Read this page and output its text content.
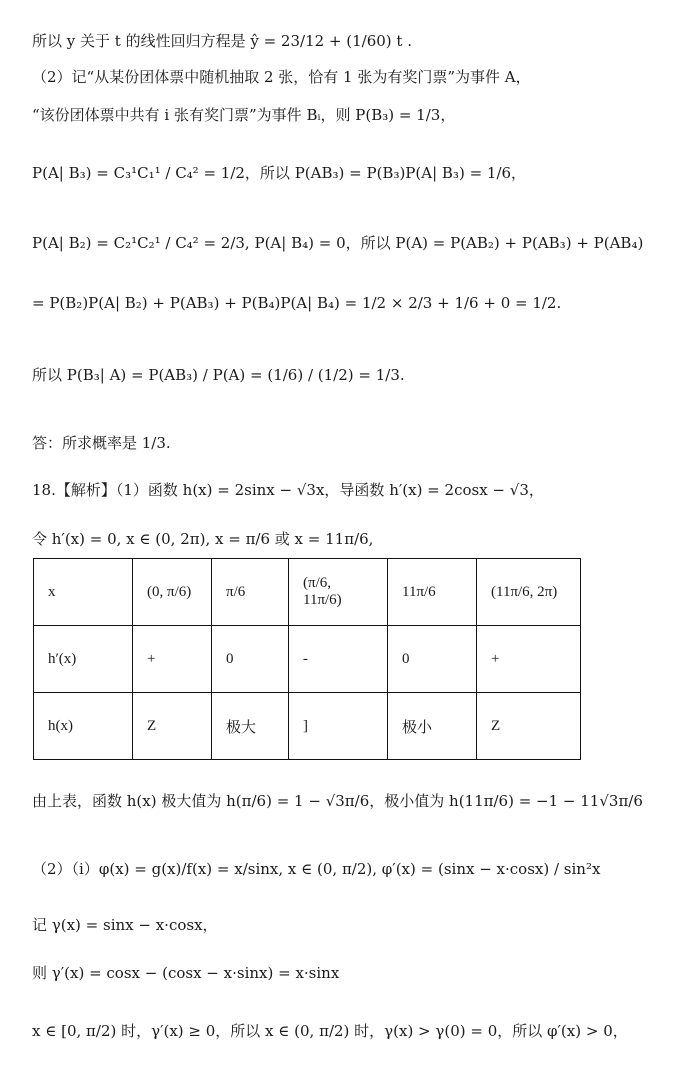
所以 y 关于 t 的线性回归方程是 ŷ = 23/12 + (1/60) t .
（2）记“从某份团体票中随机抽取 2 张，恰有 1 张为有奖门票”为事件 A，
“该份团体票中共有 i 张有奖门票”为事件 Bᵢ，则 P(B₃) = 1/3，
P(A| B₃) = C₃¹C₁¹ / C₄² = 1/2，所以 P(AB₃) = P(B₃)P(A| B₃) = 1/6，
P(A| B₂) = C₂¹C₂¹ / C₄² = 2/3, P(A| B₄) = 0，所以 P(A) = P(AB₂) + P(AB₃) + P(AB₄)
= P(B₂)P(A| B₂) + P(AB₃) + P(B₄)P(A| B₄) = 1/2 × 2/3 + 1/6 + 0 = 1/2.
所以 P(B₃| A) = P(AB₃) / P(A) = (1/6) / (1/2) = 1/3.
答：所求概率是 1/3.
18.【解析】（1）函数 h(x) = 2sinx − √3x，导函数 h′(x) = 2cosx − √3，
令 h′(x) = 0, x ∈ (0, 2π), x = π/6 或 x = 11π/6,
x	(0, π/6)	π/6	(π/6, 11π/6)	11π/6	(11π/6, 2π)
h′(x)	+	0	-	0	+
h(x)	Z	极大	]	极小	Z
由上表，函数 h(x) 极大值为 h(π/6) = 1 − √3π/6，极小值为 h(11π/6) = −1 − 11√3π/6
（2）（i）φ(x) = g(x)/f(x) = x/sinx, x ∈ (0, π/2), φ′(x) = (sinx − x·cosx) / sin²x
记 γ(x) = sinx − x·cosx，
则 γ′(x) = cosx − (cosx − x·sinx) = x·sinx
x ∈ [0, π/2) 时，γ′(x) ≥ 0，所以 x ∈ (0, π/2) 时，γ(x) > γ(0) = 0，所以 φ′(x) > 0，
